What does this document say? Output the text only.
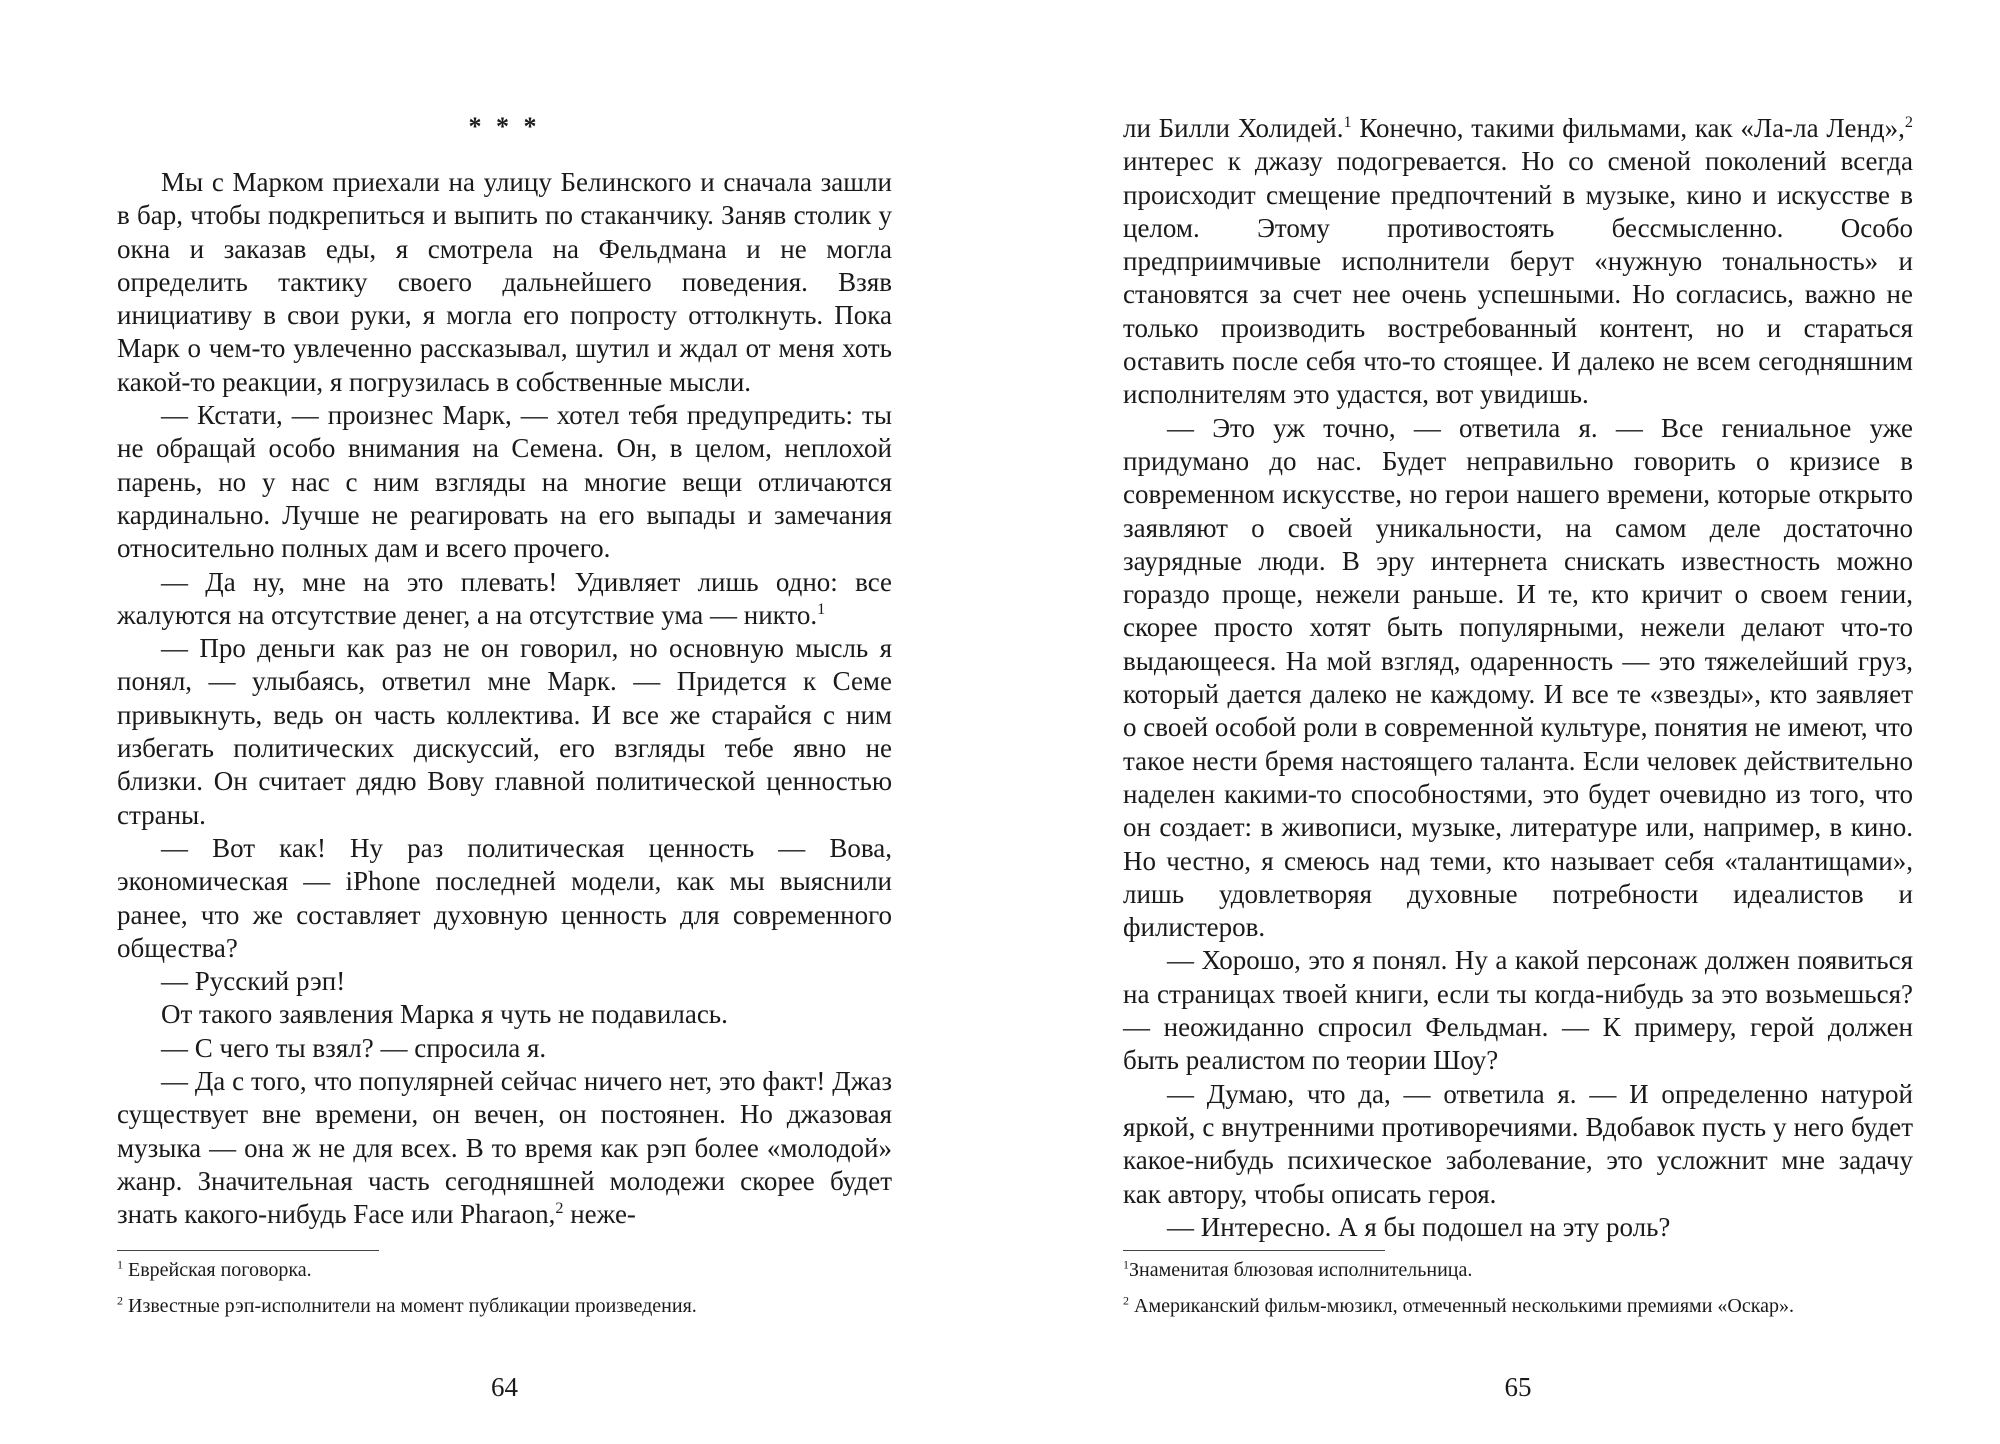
* * *

Мы с Марком приехали на улицу Белинского и сначала зашли в бар, чтобы подкрепиться и выпить по стаканчику. Заняв столик у окна и заказав еды, я смотрела на Фельдмана и не могла определить тактику своего дальнейшего поведения. Взяв инициативу в свои руки, я могла его попросту оттолкнуть. Пока Марк о чем-то увлеченно рассказывал, шутил и ждал от меня хоть какой-то реакции, я погрузилась в собственные мысли.

— Кстати, — произнес Марк, — хотел тебя предупредить: ты не обращай особо внимания на Семена. Он, в целом, неплохой парень, но у нас с ним взгляды на многие вещи отличаются кардинально. Лучше не реагировать на его выпады и замечания относительно полных дам и всего прочего.

— Да ну, мне на это плевать! Удивляет лишь одно: все жалуются на отсутствие денег, а на отсутствие ума — никто.$^1$

— Про деньги как раз не он говорил, но основную мысль я понял, — улыбаясь, ответил мне Марк. — Придется к Семе привыкнуть, ведь он часть коллектива. И все же старайся с ним избегать политических дискуссий, его взгляды тебе явно не близки. Он считает дядю Вову главной политической ценностью страны.

— Вот как! Ну раз политическая ценность — Вова, экономическая — iPhone последней модели, как мы выяснили ранее, что же составляет духовную ценность для современного общества?

— Русский рэп!

От такого заявления Марка я чуть не подавилась.

— С чего ты взял? — спросила я.

— Да с того, что популярней сейчас ничего нет, это факт! Джаз существует вне времени, он вечен, он постоянен. Но джазовая музыка — она ж не для всех. В то время как рэп более «молодой» жанр. Значительная часть сегодняшней молодежи скорее будет знать какого-нибудь Face или Pharaon,$^2$ неже-

$^1$ Еврейская поговорка.
$^2$ Известные рэп-исполнители на момент публикации произведения.
64

ли Билли Холидей.$^1$ Конечно, такими фильмами, как «Ла-ла Ленд»,$^2$ интерес к джазу подогревается. Но со сменой поколений всегда происходит смещение предпочтений в музыке, кино и искусстве в целом. Этому противостоять бессмысленно. Особо предприимчивые исполнители берут «нужную тональность» и становятся за счет нее очень успешными. Но согласись, важно не только производить востребованный контент, но и стараться оставить после себя что-то стоящее. И далеко не всем сегодняшним исполнителям это удастся, вот увидишь.

— Это уж точно, — ответила я. — Все гениальное уже придумано до нас. Будет неправильно говорить о кризисе в современном искусстве, но герои нашего времени, которые открыто заявляют о своей уникальности, на самом деле достаточно заурядные люди. В эру интернета снискать известность можно гораздо проще, нежели раньше. И те, кто кричит о своем гении, скорее просто хотят быть популярными, нежели делают что-то выдающееся. На мой взгляд, одаренность — это тяжелейший груз, который дается далеко не каждому. И все те «звезды», кто заявляет о своей особой роли в современной культуре, понятия не имеют, что такое нести бремя настоящего таланта. Если человек действительно наделен какими-то способностями, это будет очевидно из того, что он создает: в живописи, музыке, литературе или, например, в кино. Но честно, я смеюсь над теми, кто называет себя «талантищами», лишь удовлетворяя духовные потребности идеалистов и филистеров.

— Хорошо, это я понял. Ну а какой персонаж должен появиться на страницах твоей книги, если ты когда-нибудь за это возьмешься? — неожиданно спросил Фельдман. — К примеру, герой должен быть реалистом по теории Шоу?

— Думаю, что да, — ответила я. — И определенно натурой яркой, с внутренними противоречиями. Вдобавок пусть у него будет какое-нибудь психическое заболевание, это усложнит мне задачу как автору, чтобы описать героя.

— Интересно. А я бы подошел на эту роль?

$^1$Знаменитая блюзовая исполнительница.
$^2$ Американский фильм-мюзикл, отмеченный несколькими премиями «Оскар».
65
